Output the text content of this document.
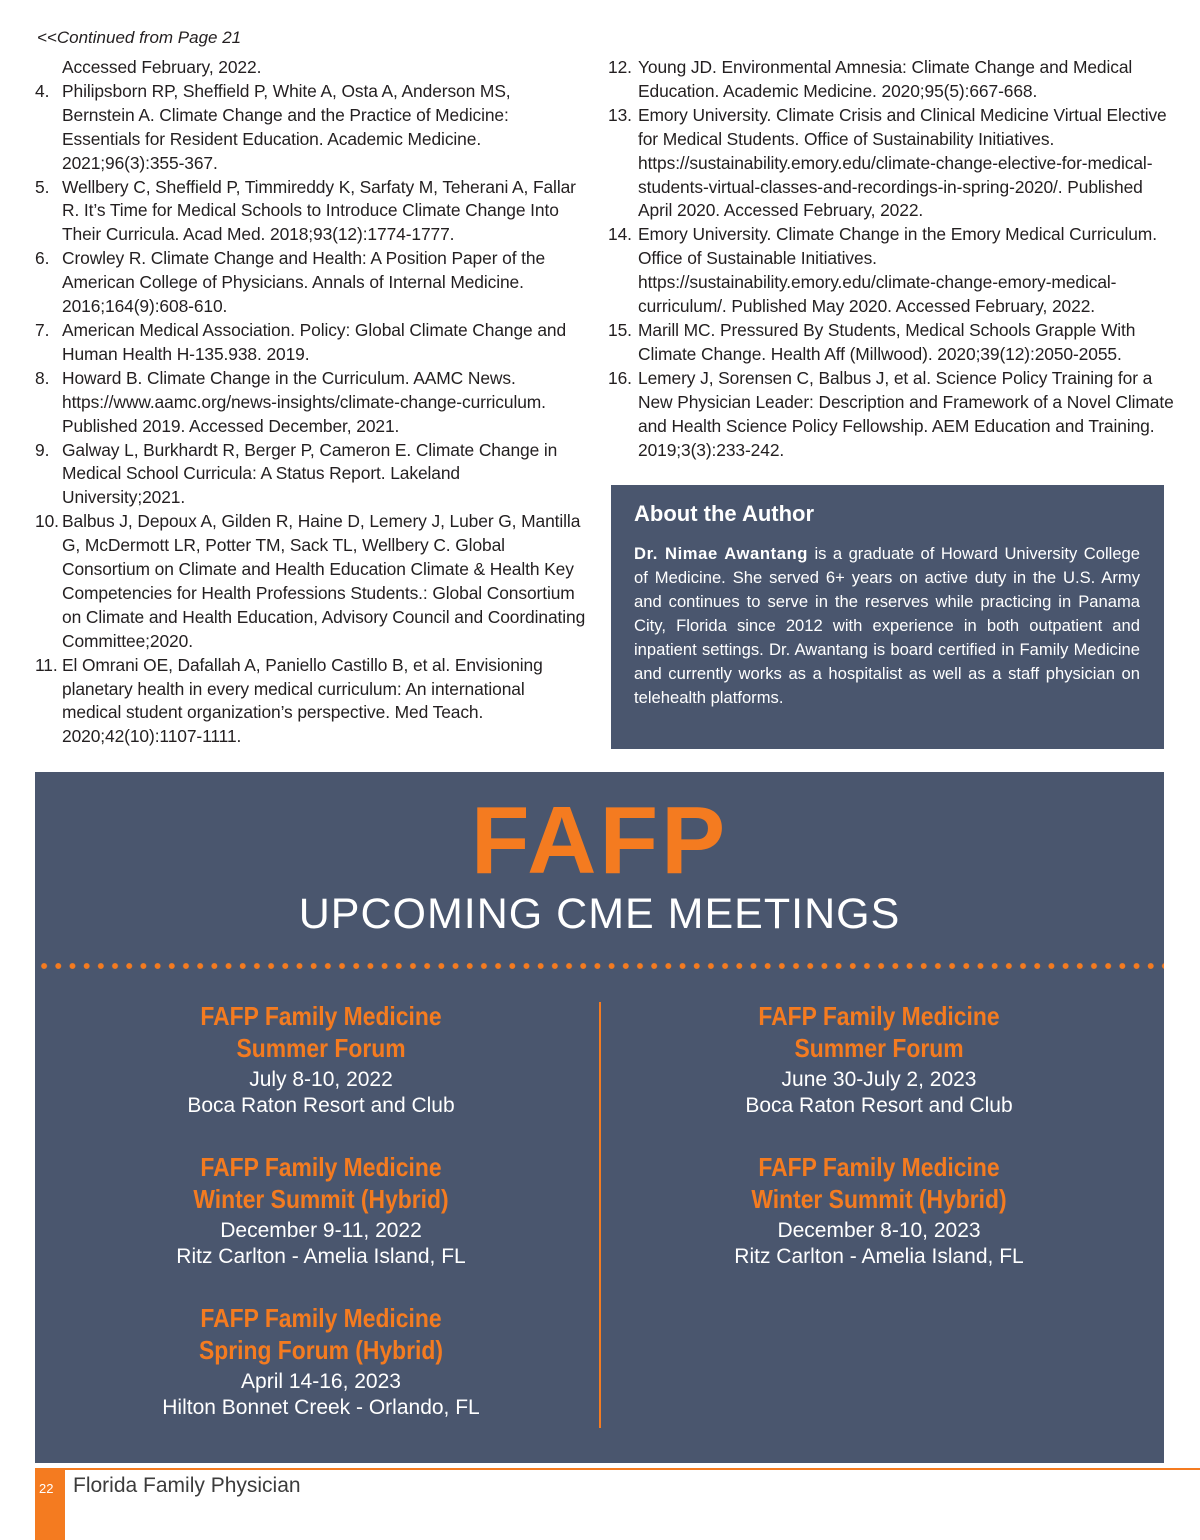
<<Continued from Page 21
Accessed February, 2022.
4. Philipsborn RP, Sheffield P, White A, Osta A, Anderson MS, Bernstein A. Climate Change and the Practice of Medicine: Essentials for Resident Education. Academic Medicine. 2021;96(3):355-367.
5. Wellbery C, Sheffield P, Timmireddy K, Sarfaty M, Teherani A, Fallar R. It’s Time for Medical Schools to Introduce Climate Change Into Their Curricula. Acad Med. 2018;93(12):1774-1777.
6. Crowley R. Climate Change and Health: A Position Paper of the American College of Physicians. Annals of Internal Medicine. 2016;164(9):608-610.
7. American Medical Association. Policy: Global Climate Change and Human Health H-135.938. 2019.
8. Howard B. Climate Change in the Curriculum. AAMC News. https://www.aamc.org/news-insights/climate-change-curriculum. Published 2019. Accessed December, 2021.
9. Galway L, Burkhardt R, Berger P, Cameron E. Climate Change in Medical School Curricula: A Status Report. Lakeland University;2021.
10. Balbus J, Depoux A, Gilden R, Haine D, Lemery J, Luber G, Mantilla G, McDermott LR, Potter TM, Sack TL, Wellbery C. Global Consortium on Climate and Health Education Climate & Health Key Competencies for Health Professions Students.: Global Consortium on Climate and Health Education, Advisory Council and Coordinating Committee;2020.
11. El Omrani OE, Dafallah A, Paniello Castillo B, et al. Envisioning planetary health in every medical curriculum: An international medical student organization’s perspective. Med Teach. 2020;42(10):1107-1111.
12. Young JD. Environmental Amnesia: Climate Change and Medical Education. Academic Medicine. 2020;95(5):667-668.
13. Emory University. Climate Crisis and Clinical Medicine Virtual Elective for Medical Students. Office of Sustainability Initiatives. https://sustainability.emory.edu/climate-change-elective-for-medical-students-virtual-classes-and-recordings-in-spring-2020/. Published April 2020. Accessed February, 2022.
14. Emory University. Climate Change in the Emory Medical Curriculum. Office of Sustainable Initiatives. https://sustainability.emory.edu/climate-change-emory-medical-curriculum/. Published May 2020. Accessed February, 2022.
15. Marill MC. Pressured By Students, Medical Schools Grapple With Climate Change. Health Aff (Millwood). 2020;39(12):2050-2055.
16. Lemery J, Sorensen C, Balbus J, et al. Science Policy Training for a New Physician Leader: Description and Framework of a Novel Climate and Health Science Policy Fellowship. AEM Education and Training. 2019;3(3):233-242.
About the Author

Dr. Nimae Awantang is a graduate of Howard University College of Medicine. She served 6+ years on active duty in the U.S. Army and continues to serve in the reserves while practicing in Panama City, Florida since 2012 with experience in both outpatient and inpatient settings. Dr. Awantang is board certified in Family Medicine and currently works as a hospitalist as well as a staff physician on telehealth platforms.

FAFP
UPCOMING CME MEETINGS
FAFP Family Medicine
Summer Forum
July 8-10, 2022
Boca Raton Resort and Club
FAFP Family Medicine
Winter Summit (Hybrid)
December 9-11, 2022
Ritz Carlton - Amelia Island, FL
FAFP Family Medicine
Spring Forum (Hybrid)
April 14-16, 2023
Hilton Bonnet Creek - Orlando, FL
FAFP Family Medicine
Summer Forum
June 30-July 2, 2023
Boca Raton Resort and Club
FAFP Family Medicine
Winter Summit (Hybrid)
December 8-10, 2023
Ritz Carlton - Amelia Island, FL
22 Florida Family Physician
